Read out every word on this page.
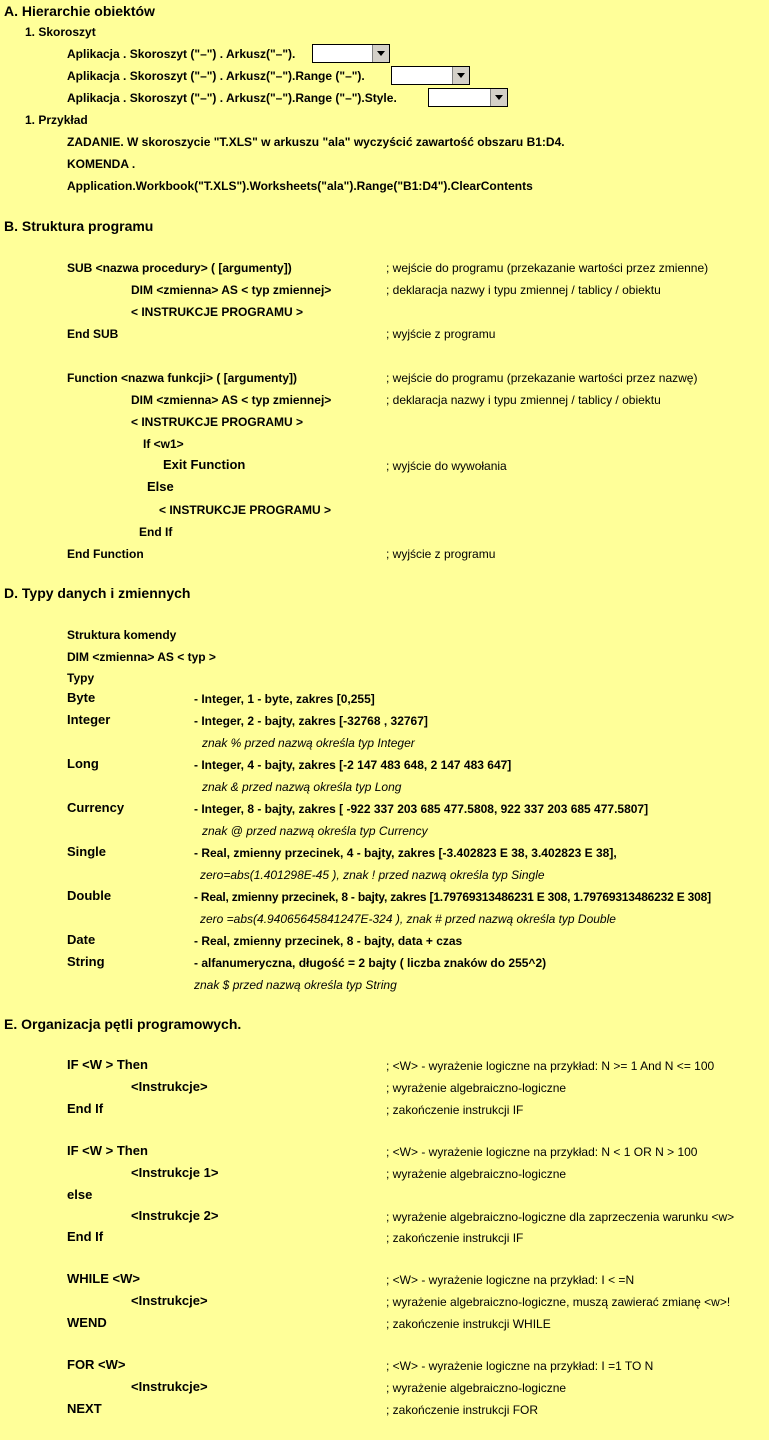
A. Hierarchie obiektów
1. Skoroszyt
Aplikacja . Skoroszyt ("–") . Arkusz("–").
Aplikacja . Skoroszyt ("–") . Arkusz("–").Range ("–").
Aplikacja . Skoroszyt ("–") . Arkusz("–").Range ("–").Style.
1. Przykład
ZADANIE. W skoroszycie "T.XLS" w arkuszu "ala" wyczyścić zawartość obszaru B1:D4.
KOMENDA .
Application.Workbook("T.XLS").Worksheets("ala").Range("B1:D4").ClearContents
B. Struktura programu
SUB <nazwa procedury> ( [argumenty])	; wejście do programu (przekazanie wartości przez zmienne)
DIM <zmienna> AS < typ zmiennej>	; deklaracja nazwy i typu zmiennej / tablicy / obiektu
< INSTRUKCJE PROGRAMU >
End SUB	; wyjście z programu
Function <nazwa funkcji> ( [argumenty])	; wejście do programu (przekazanie wartości przez nazwę)
DIM <zmienna> AS < typ zmiennej>	; deklaracja nazwy i typu zmiennej / tablicy / obiektu
< INSTRUKCJE PROGRAMU >
If <w1>
Exit Function	; wyjście do wywołania
Else
< INSTRUKCJE PROGRAMU >
End If
End Function	; wyjście z programu
D. Typy danych i zmiennych
Struktura komendy
DIM <zmienna> AS < typ >
Typy
Byte	- Integer, 1 - byte, zakres [0,255]
Integer	- Integer, 2 - bajty, zakres [-32768 , 32767]
znak % przed nazwą określa typ Integer
Long	- Integer, 4 - bajty, zakres [-2 147 483 648, 2 147 483 647]
znak & przed nazwą określa typ Long
Currency	- Integer, 8 - bajty, zakres [ -922 337 203 685 477.5808, 922 337 203 685 477.5807]
znak @ przed nazwą określa typ Currency
Single	- Real, zmienny przecinek, 4 - bajty, zakres [-3.402823 E 38, 3.402823 E 38],
zero=abs(1.401298E-45 ), znak ! przed nazwą określa typ Single
Double	- Real, zmienny przecinek, 8 - bajty, zakres [1.79769313486231 E 308, 1.79769313486232 E 308]
zero =abs(4.94065645841247E-324 ), znak # przed nazwą określa typ Double
Date	- Real, zmienny przecinek, 8 - bajty, data + czas
String	- alfanumeryczna, długość = 2 bajty ( liczba znaków do 255^2)
znak $ przed nazwą określa typ String
E. Organizacja pętli programowych.
IF <W > Then	; <W> - wyrażenie logiczne na przykład: N >= 1 And N <= 100
<Instrukcje>	; wyrażenie algebraiczno-logiczne
End If	; zakończenie instrukcji IF
IF <W > Then	; <W> - wyrażenie logiczne na przykład: N < 1 OR N > 100
<Instrukcje 1>	; wyrażenie algebraiczno-logiczne
else
<Instrukcje 2>	; wyrażenie algebraiczno-logiczne dla zaprzeczenia warunku <w>
End If	; zakończenie instrukcji IF
WHILE <W>	; <W> - wyrażenie logiczne na przykład: I < =N
<Instrukcje>	; wyrażenie algebraiczno-logiczne, muszą zawierać zmianę <w>!
WEND	; zakończenie instrukcji WHILE
FOR <W>	; <W> - wyrażenie logiczne na przykład: I =1 TO N
<Instrukcje>	; wyrażenie algebraiczno-logiczne
NEXT	; zakończenie instrukcji FOR
